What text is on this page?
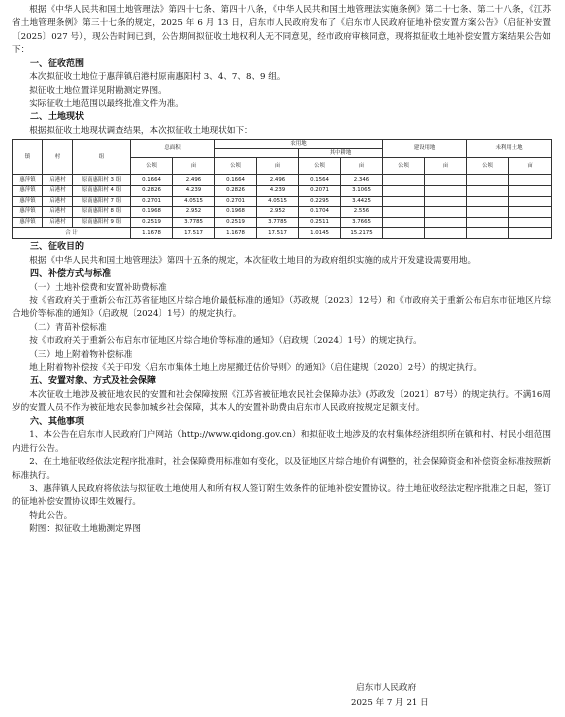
根据《中华人民共和国土地管理法》第四十七条、第四十八条，《中华人民共和国土地管理法实施条例》第二十七条、第二十八条，《江苏省土地管理条例》第三十七条的规定，2025 年 6 月 13 日，启东市人民政府发布了《启东市人民政府征地补偿安置方案公告》（启征补安置〔2025〕027 号），现公告时间已到，公告期间拟征收土地权利人无不同意见，经市政府审核同意，现将拟征收土地补偿安置方案结果公告如下：

一、征收范围

本次拟征收土地位于惠萍镇启港村原南惠阳村 3、4、7、8、9 组。

拟征收土地位置详见附勘测定界图。

实际征收土地范围以最终批准文件为准。

二、土地现状

根据拟征收土地现状调查结果，本次拟征收土地现状如下：

镇	村	组	总面积		农用地				建设用地		未利用土地	
							其中耕地					
			公顷	亩	公顷	亩	公顷	亩	公顷	亩	公顷	亩
惠萍镇	启港村	原南惠阳村 3 组	0.1664	2.496	0.1664	2.496	0.1564	2.346				
惠萍镇	启港村	原南惠阳村 4 组	0.2826	4.239	0.2826	4.239	0.2071	3.1065				
惠萍镇	启港村	原南惠阳村 7 组	0.2701	4.0515	0.2701	4.0515	0.2295	3.4425				
惠萍镇	启港村	原南惠阳村 8 组	0.1968	2.952	0.1968	2.952	0.1704	2.556				
惠萍镇	启港村	原南惠阳村 9 组	0.2519	3.7785	0.2519	3.7785	0.2511	3.7665				
合 计			1.1678	17.517	1.1678	17.517	1.0145	15.2175				
三、征收目的

根据《中华人民共和国土地管理法》第四十五条的规定，本次征收土地目的为政府组织实施的成片开发建设需要用地。

四、补偿方式与标准

（一）土地补偿费和安置补助费标准

按《省政府关于重新公布江苏省征地区片综合地价最低标准的通知》（苏政规〔2023〕12号）和《市政府关于重新公布启东市征地区片综合地价等标准的通知》（启政规〔2024〕1号）的规定执行。

（二）青苗补偿标准

按《市政府关于重新公布启东市征地区片综合地价等标准的通知》（启政规〔2024〕1号）的规定执行。

（三）地上附着物补偿标准

地上附着物补偿按《关于印发〈启东市集体土地上房屋搬迁估价导则〉的通知》（启住建规〔2020〕2号）的规定执行。

五、安置对象、方式及社会保障

本次征收土地涉及被征地农民的安置和社会保障按照《江苏省被征地农民社会保障办法》(苏政发〔2021〕87号）的规定执行。不满16周岁的安置人员不作为被征地农民参加城乡社会保障，其本人的安置补助费由启东市人民政府按规定足额支付。

六、其他事项

1、本公告在启东市人民政府门户网站（http://www.qidong.gov.cn）和拟征收土地涉及的农村集体经济组织所在镇和村、村民小组范围内进行公告。

2、在土地征收经依法定程序批准时，社会保障费用标准如有变化，以及征地区片综合地价有调整的，社会保障资金和补偿资金标准按照新标准执行。

3、惠萍镇人民政府将依法与拟征收土地使用人和所有权人签订附生效条件的征地补偿安置协议。待土地征收经法定程序批准之日起，签订的征地补偿安置协议即生效履行。

特此公告。

附图：拟征收土地勘测定界图

启东市人民政府
2025 年 7 月 21 日
